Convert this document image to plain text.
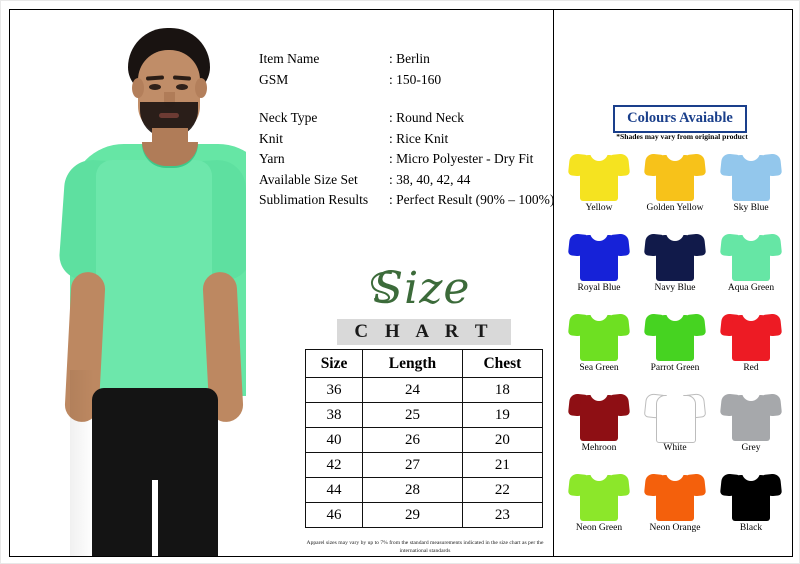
Item Name	: Berlin
GSM	: 150-160
Neck Type	: Round Neck
Knit	: Rice Knit
Yarn	: Micro Polyester - Dry Fit
Available Size Set	: 38, 40, 42, 44
Sublimation Results	: Perfect Result (90% – 100%)
Size
C H A R T
Size	Length	Chest
36	24	18
38	25	19
40	26	20
42	27	21
44	28	22
46	29	23
Apparel sizes may vary by up to 7% from the standard measurements indicated in the size chart as per the international standards
Colours Avaiable
*Shades may vary from original product
Yellow	Golden Yellow	Sky Blue
Royal Blue	Navy Blue	Aqua Green
Sea Green	Parrot Green	Red
Mehroon	White	Grey
Neon Green	Neon Orange	Black
